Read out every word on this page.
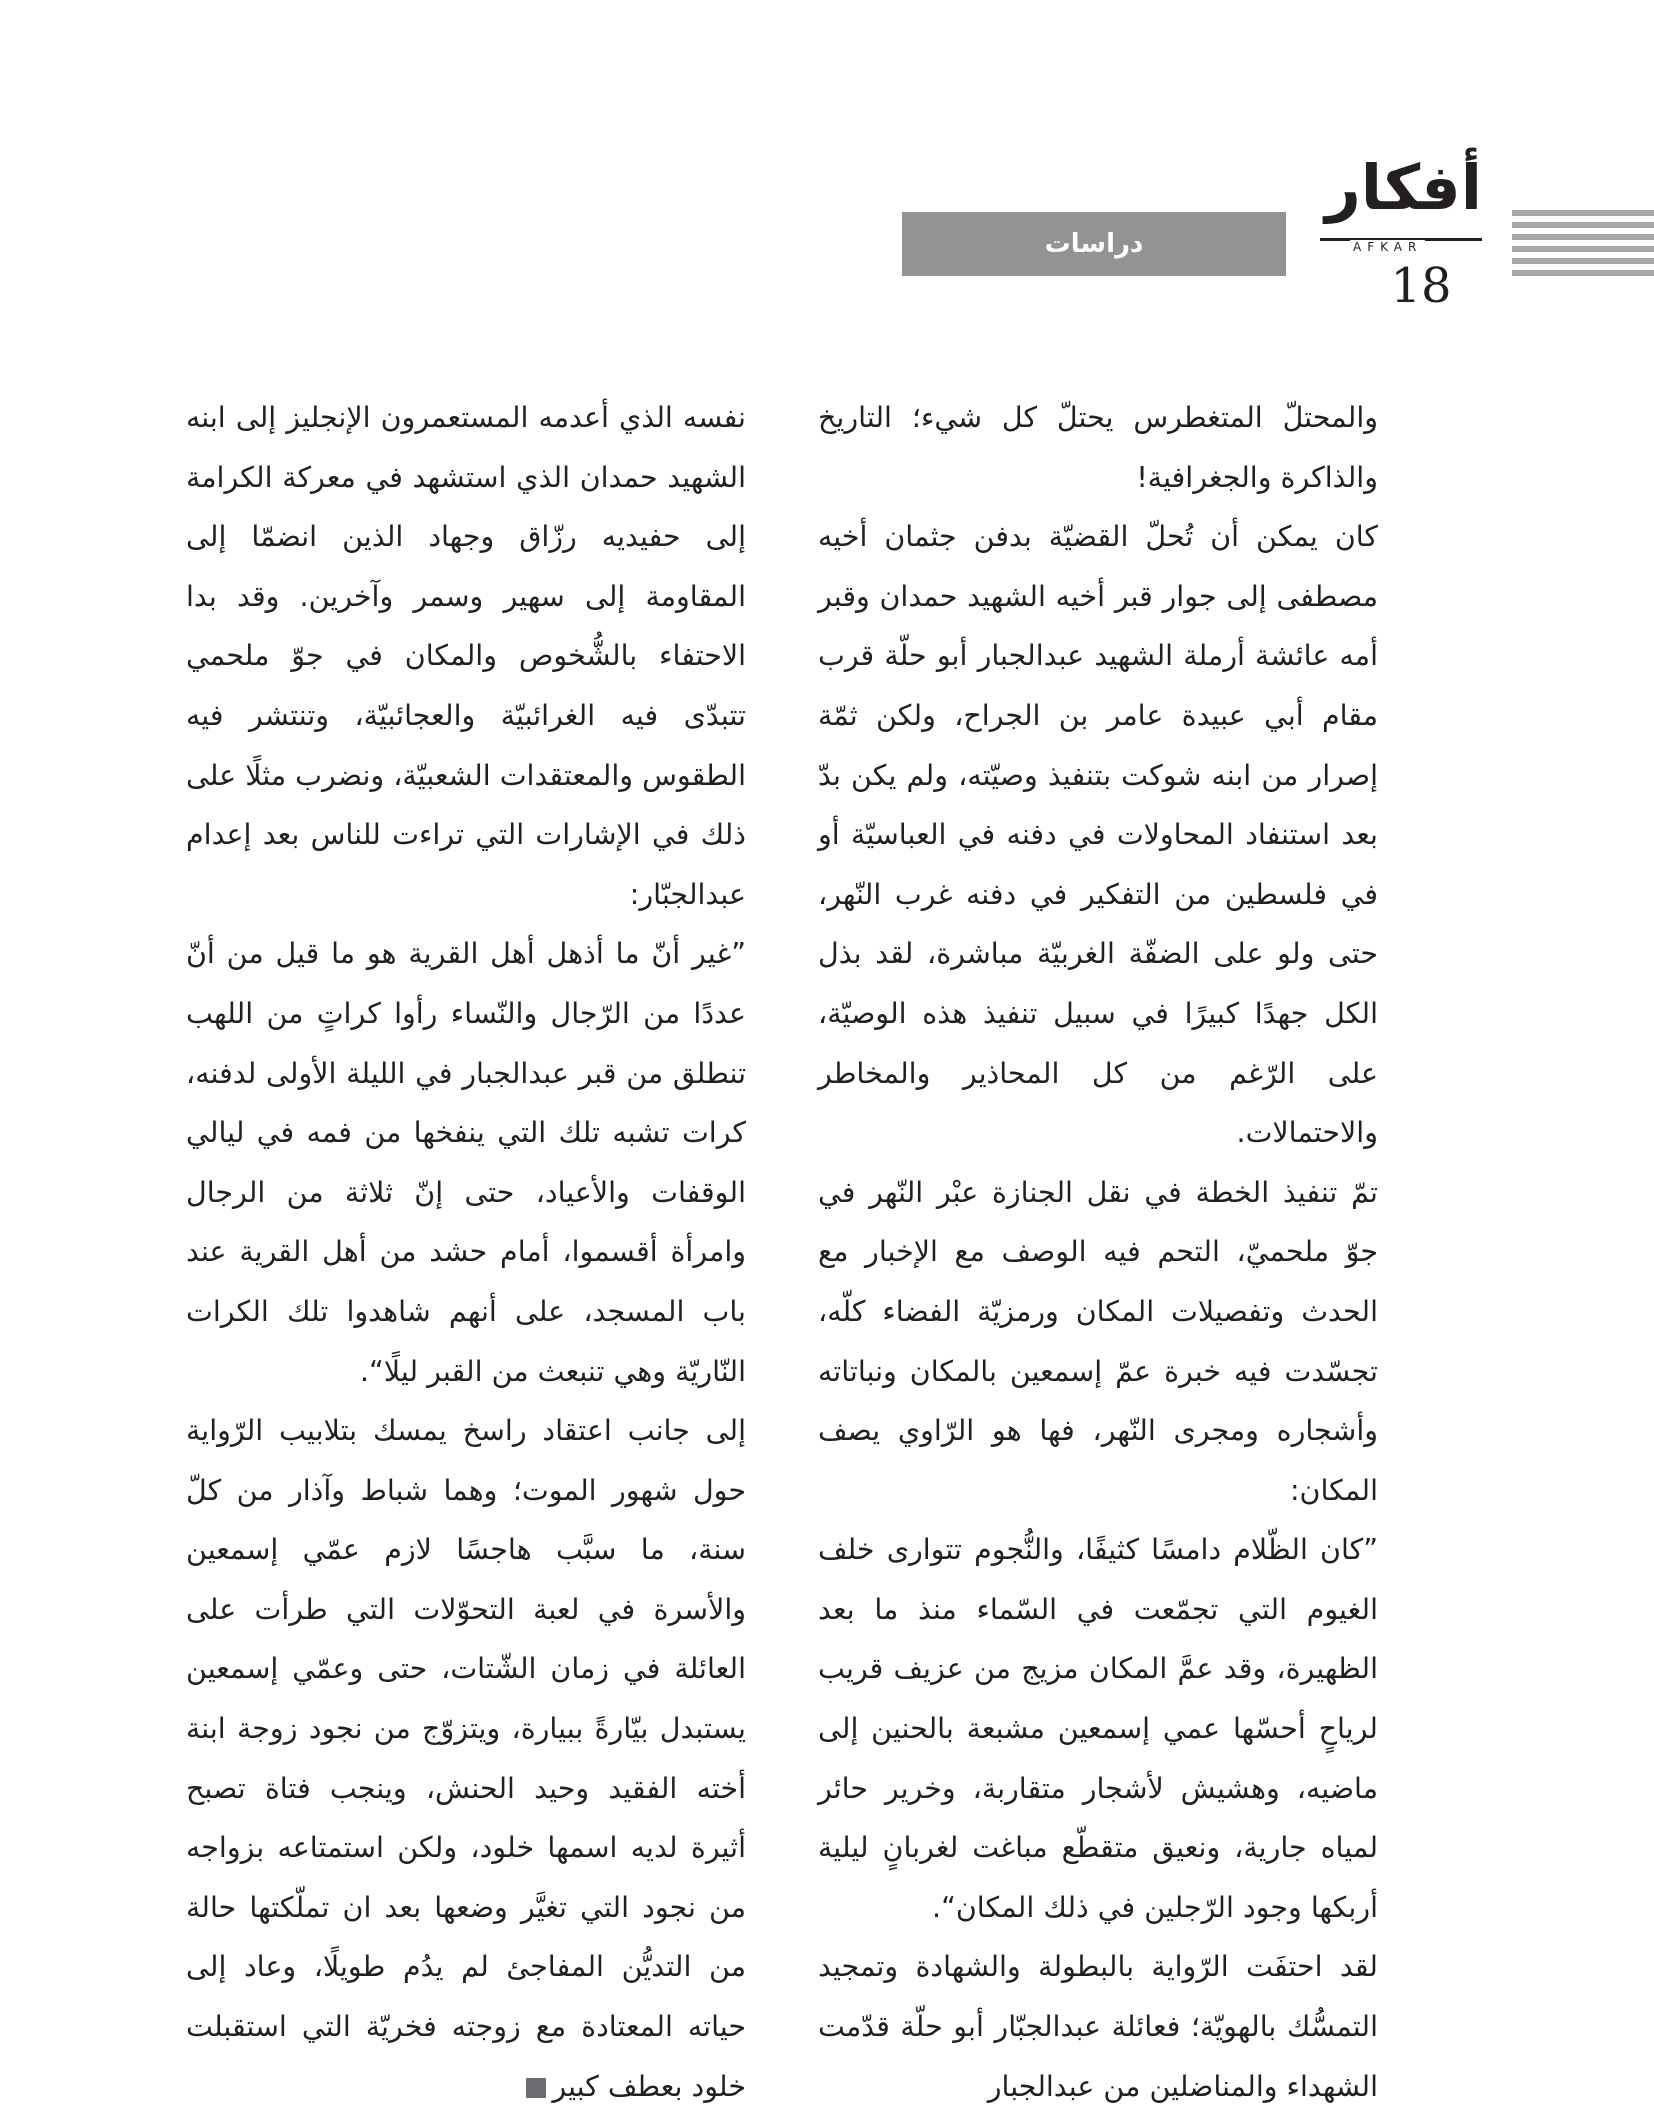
أفكار
AFKAR
دراسات
18

والمحتلّ المتغطرس يحتلّ كل شيء؛ التاريخ والذاكرة والجغرافية!

كان يمكن أن تُحلّ القضيّة بدفن جثمان أخيه مصطفى إلى جوار قبر أخيه الشهيد حمدان وقبر أمه عائشة أرملة الشهيد عبدالجبار أبو حلّة قرب مقام أبي عبيدة عامر بن الجراح، ولكن ثمّة إصرار من ابنه شوكت بتنفيذ وصيّته، ولم يكن بدّ بعد استنفاد المحاولات في دفنه في العباسيّة أو في فلسطين من التفكير في دفنه غرب النّهر، حتى ولو على الضفّة الغربيّة مباشرة، لقد بذل الكل جهدًا كبيرًا في سبيل تنفيذ هذه الوصيّة، على الرّغم من كل المحاذير والمخاطر والاحتمالات.

تمّ تنفيذ الخطة في نقل الجنازة عبْر النّهر في جوّ ملحميّ، التحم فيه الوصف مع الإخبار مع الحدث وتفصيلات المكان ورمزيّة الفضاء كلّه، تجسّدت فيه خبرة عمّ إسمعين بالمكان ونباتاته وأشجاره ومجرى النّهر، فها هو الرّاوي يصف المكان:

”كان الظّلام دامسًا كثيفًا، والنُّجوم تتوارى خلف الغيوم التي تجمّعت في السّماء منذ ما بعد الظهيرة، وقد عمَّ المكان مزيج من عزيف قريب لرياحٍ أحسّها عمي إسمعين مشبعة بالحنين إلى ماضيه، وهشيش لأشجار متقاربة، وخرير حائر لمياه جارية، ونعيق متقطّع مباغت لغربانٍ ليلية أربكها وجود الرّجلين في ذلك المكان“.

لقد احتفَت الرّواية بالبطولة والشهادة وتمجيد التمسُّك بالهويّة؛ فعائلة عبدالجبّار أبو حلّة قدّمت الشهداء والمناضلين من عبدالجبار

نفسه الذي أعدمه المستعمرون الإنجليز إلى ابنه الشهيد حمدان الذي استشهد في معركة الكرامة إلى حفيديه رزّاق وجهاد الذين انضمّا إلى المقاومة إلى سهير وسمر وآخرين. وقد بدا الاحتفاء بالشُّخوص والمكان في جوّ ملحمي تتبدّى فيه الغرائبيّة والعجائبيّة، وتنتشر فيه الطقوس والمعتقدات الشعبيّة، ونضرب مثلًا على ذلك في الإشارات التي تراءت للناس بعد إعدام عبدالجبّار:

”غير أنّ ما أذهل أهل القرية هو ما قيل من أنّ عددًا من الرّجال والنّساء رأوا كراتٍ من اللهب تنطلق من قبر عبدالجبار في الليلة الأولى لدفنه، كرات تشبه تلك التي ينفخها من فمه في ليالي الوقفات والأعياد، حتى إنّ ثلاثة من الرجال وامرأة أقسموا، أمام حشد من أهل القرية عند باب المسجد، على أنهم شاهدوا تلك الكرات النّاريّة وهي تنبعث من القبر ليلًا“.

إلى جانب اعتقاد راسخ يمسك بتلابيب الرّواية حول شهور الموت؛ وهما شباط وآذار من كلّ سنة، ما سبَّب هاجسًا لازم عمّي إسمعين والأسرة في لعبة التحوّلات التي طرأت على العائلة في زمان الشّتات، حتى وعمّي إسمعين يستبدل بيّارةً ببيارة، ويتزوّج من نجود زوجة ابنة أخته الفقيد وحيد الحنش، وينجب فتاة تصبح أثيرة لديه اسمها خلود، ولكن استمتاعه بزواجه من نجود التي تغيَّر وضعها بعد ان تملّكتها حالة من التديُّن المفاجئ لم يدُم طويلًا، وعاد إلى حياته المعتادة مع زوجته فخريّة التي استقبلت خلود بعطف كبير
